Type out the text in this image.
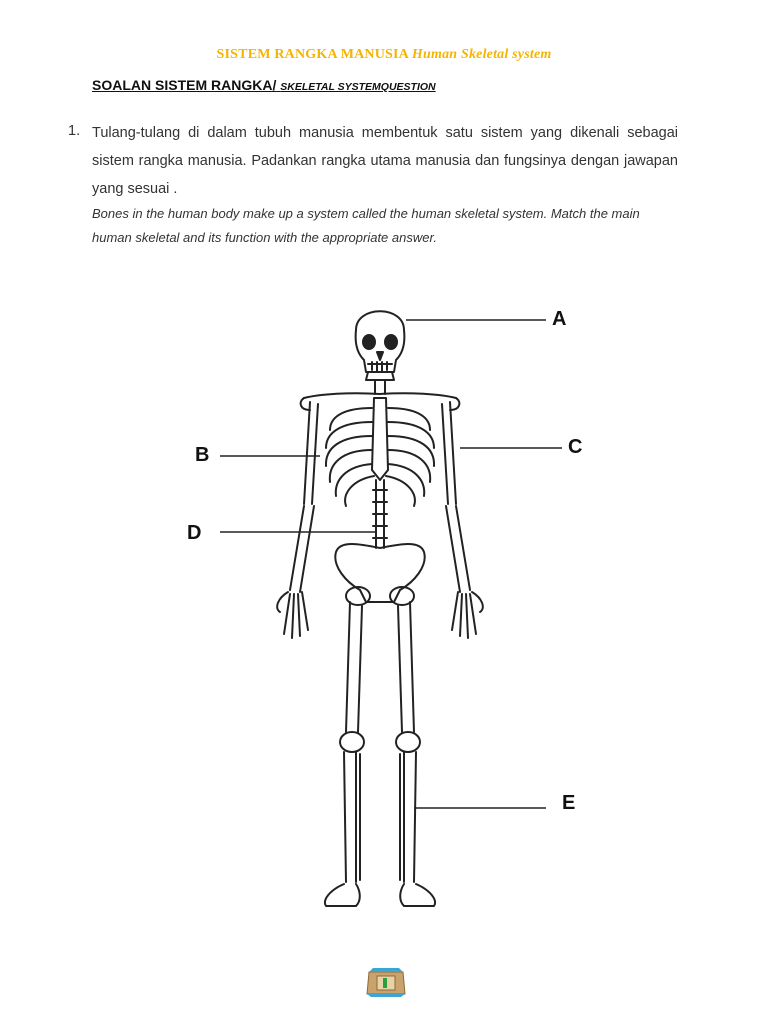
SISTEM RANGKA MANUSIA Human Skeletal system
SOALAN SISTEM RANGKA/ SKELETAL SYSTEMQUESTION
1. Tulang-tulang di dalam tubuh manusia membentuk satu sistem yang dikenali sebagai sistem rangka manusia. Padankan rangka utama manusia dan fungsinya dengan jawapan yang sesuai .
Bones in the human body make up a system called the human skeletal system. Match the main human skeletal and its function with the appropriate answer.
A
B	C
D
E
